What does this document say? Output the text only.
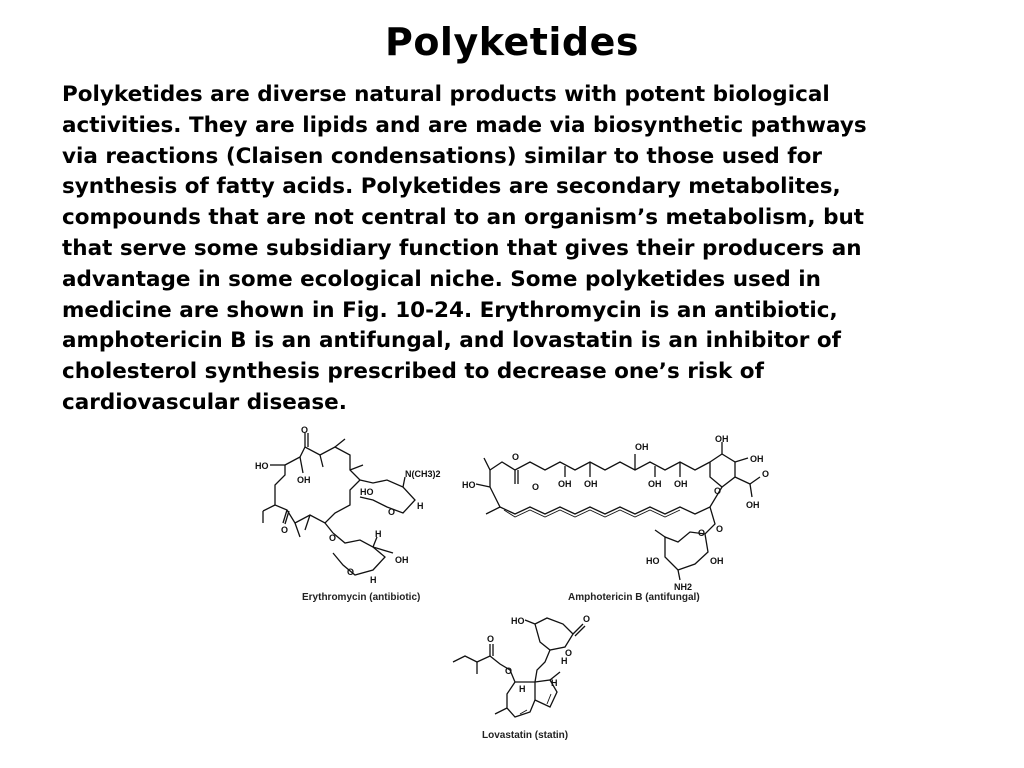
Polyketides

Polyketides are diverse natural products with potent biological
activities. They are lipids and are made via biosynthetic pathways
via reactions (Claisen condensations) similar to those used for
synthesis of fatty acids. Polyketides are secondary metabolites,
compounds that are not central to an organism’s metabolism, but
that serve some subsidiary function that gives their producers an
advantage in some ecological niche. Some polyketides used in
medicine are shown in Fig. 10-24. Erythromycin is an antibiotic,
amphotericin B is an antifungal, and lovastatin is an inhibitor of
cholesterol synthesis prescribed to decrease one’s risk of
cardiovascular disease.

O
HO
OH
HO
N(CH3)2
O
H
O
O
OH
H
H
O
Erythromycin (antibiotic)
OH
HO
O
O OH OH	OH OH
OH
OH
O
O
OH
O
HO
NH2
OH
O
Amphotericin B (antifungal)
HO	O
O
H
O
O
H
H
Lovastatin (statin)
